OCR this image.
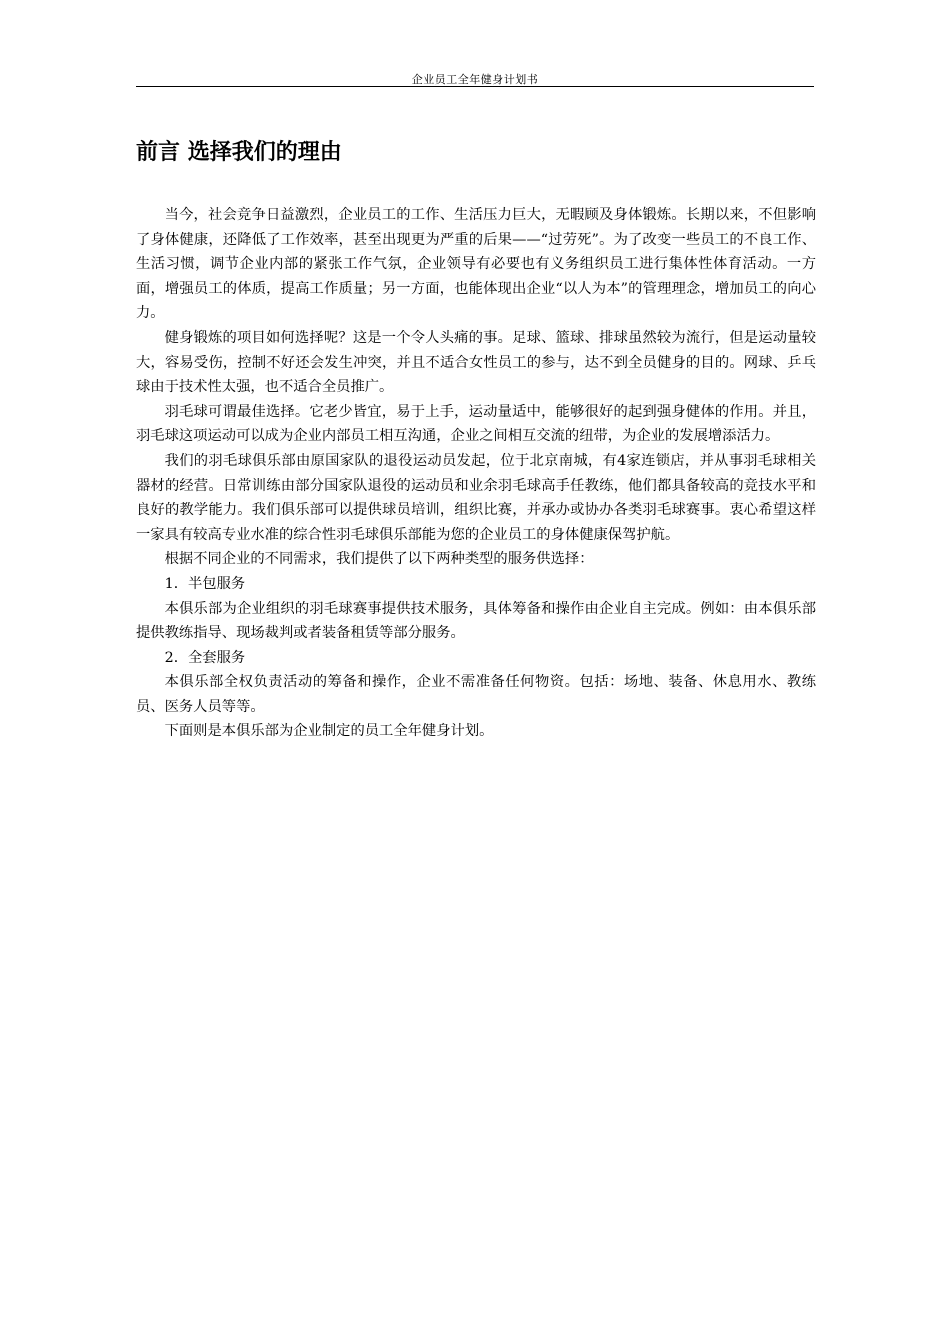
企业员工全年健身计划书
前言 选择我们的理由

当今，社会竞争日益激烈，企业员工的工作、生活压力巨大，无暇顾及身体锻炼。长期以来，不但影响了身体健康，还降低了工作效率，甚至出现更为严重的后果——“过劳死”。为了改变一些员工的不良工作、生活习惯，调节企业内部的紧张工作气氛，企业领导有必要也有义务组织员工进行集体性体育活动。一方面，增强员工的体质，提高工作质量；另一方面，也能体现出企业“以人为本”的管理理念，增加员工的向心力。

健身锻炼的项目如何选择呢？这是一个令人头痛的事。足球、篮球、排球虽然较为流行，但是运动量较大，容易受伤，控制不好还会发生冲突，并且不适合女性员工的参与，达不到全员健身的目的。网球、乒乓球由于技术性太强，也不适合全员推广。

羽毛球可谓最佳选择。它老少皆宜，易于上手，运动量适中，能够很好的起到强身健体的作用。并且，羽毛球这项运动可以成为企业内部员工相互沟通，企业之间相互交流的纽带，为企业的发展增添活力。

我们的羽毛球俱乐部由原国家队的退役运动员发起，位于北京南城，有4家连锁店，并从事羽毛球相关器材的经营。日常训练由部分国家队退役的运动员和业余羽毛球高手任教练，他们都具备较高的竞技水平和良好的教学能力。我们俱乐部可以提供球员培训，组织比赛，并承办或协办各类羽毛球赛事。衷心希望这样一家具有较高专业水准的综合性羽毛球俱乐部能为您的企业员工的身体健康保驾护航。

根据不同企业的不同需求，我们提供了以下两种类型的服务供选择：

1．半包服务

本俱乐部为企业组织的羽毛球赛事提供技术服务，具体筹备和操作由企业自主完成。例如：由本俱乐部提供教练指导、现场裁判或者装备租赁等部分服务。

2．全套服务

本俱乐部全权负责活动的筹备和操作，企业不需准备任何物资。包括：场地、装备、休息用水、教练员、医务人员等等。

下面则是本俱乐部为企业制定的员工全年健身计划。
